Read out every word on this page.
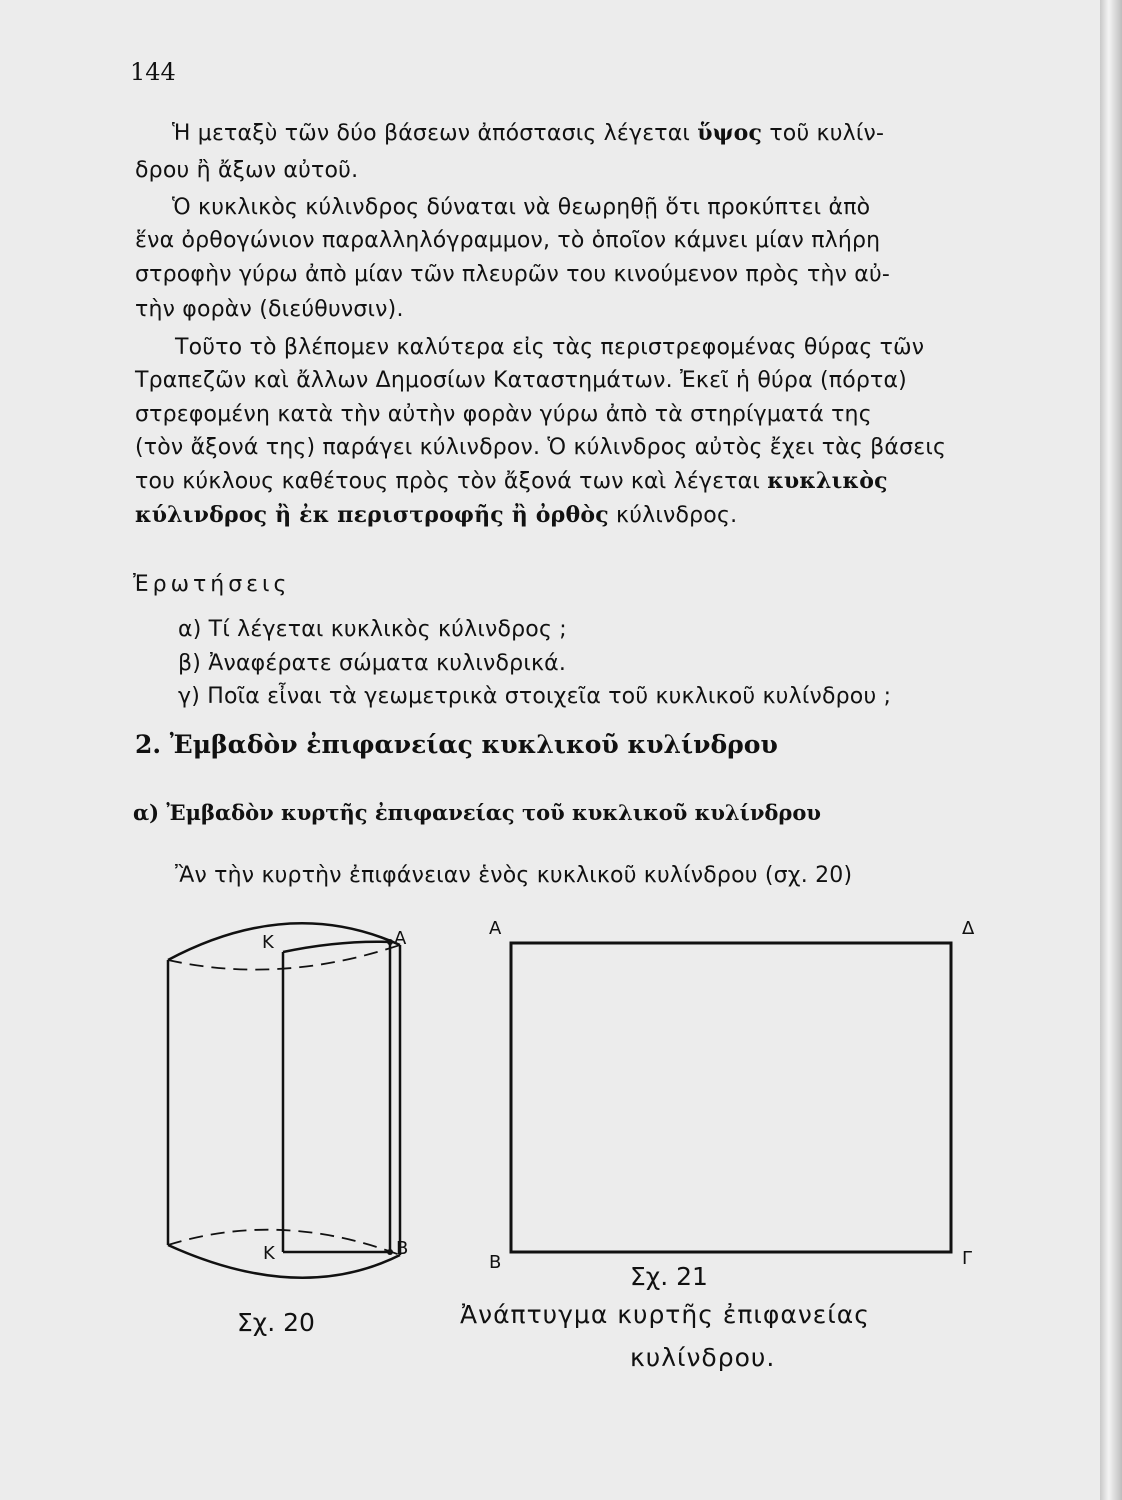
144
Ἡ μεταξὺ τῶν δύο βάσεων ἀπόστασις λέγεται ὕψος τοῦ κυλίν-
δρου ἢ ἄξων αὐτοῦ.
Ὁ κυκλικὸς κύλινδρος δύναται νὰ θεωρηθῇ ὅτι προκύπτει ἀπὸ
ἕνα ὀρθογώνιον παραλληλόγραμμον, τὸ ὁποῖον κάμνει μίαν πλήρη
στροφὴν γύρω ἀπὸ μίαν τῶν πλευρῶν του κινούμενον πρὸς τὴν αὐ-
τὴν φορὰν (διεύθυνσιν).
Τοῦτο τὸ βλέπομεν καλύτερα εἰς τὰς περιστρεφομένας θύρας τῶν
Τραπεζῶν καὶ ἄλλων Δημοσίων Καταστημάτων. Ἐκεῖ ἡ θύρα (πόρτα)
στρεφομένη κατὰ τὴν αὐτὴν φορὰν γύρω ἀπὸ τὰ στηρίγματά της
(τὸν ἄξονά της) παράγει κύλινδρον. Ὁ κύλινδρος αὐτὸς ἔχει τὰς βάσεις
του κύκλους καθέτους πρὸς τὸν ἄξονά των καὶ λέγεται κυκλικὸς
κύλινδρος ἢ ἐκ περιστροφῆς ἢ ὀρθὸς κύλινδρος.
Ἐρωτήσεις
α) Τί λέγεται κυκλικὸς κύλινδρος ;
β) Ἀναφέρατε σώματα κυλινδρικά.
γ) Ποῖα εἶναι τὰ γεωμετρικὰ στοιχεῖα τοῦ κυκλικοῦ κυλίνδρου ;
2. Ἐμβαδὸν ἐπιφανείας κυκλικοῦ κυλίνδρου
α) Ἐμβαδὸν κυρτῆς ἐπιφανείας τοῦ κυκλικοῦ κυλίνδρου
Ἂν τὴν κυρτὴν ἐπιφάνειαν ἑνὸς κυκλικοῦ κυλίνδρου (σχ. 20)
Κ	Α
Κ	Β
Σχ. 20
Α	Δ
Β	Γ
Σχ. 21
Ἀνάπτυγμα κυρτῆς ἐπιφανείας
κυλίνδρου.
